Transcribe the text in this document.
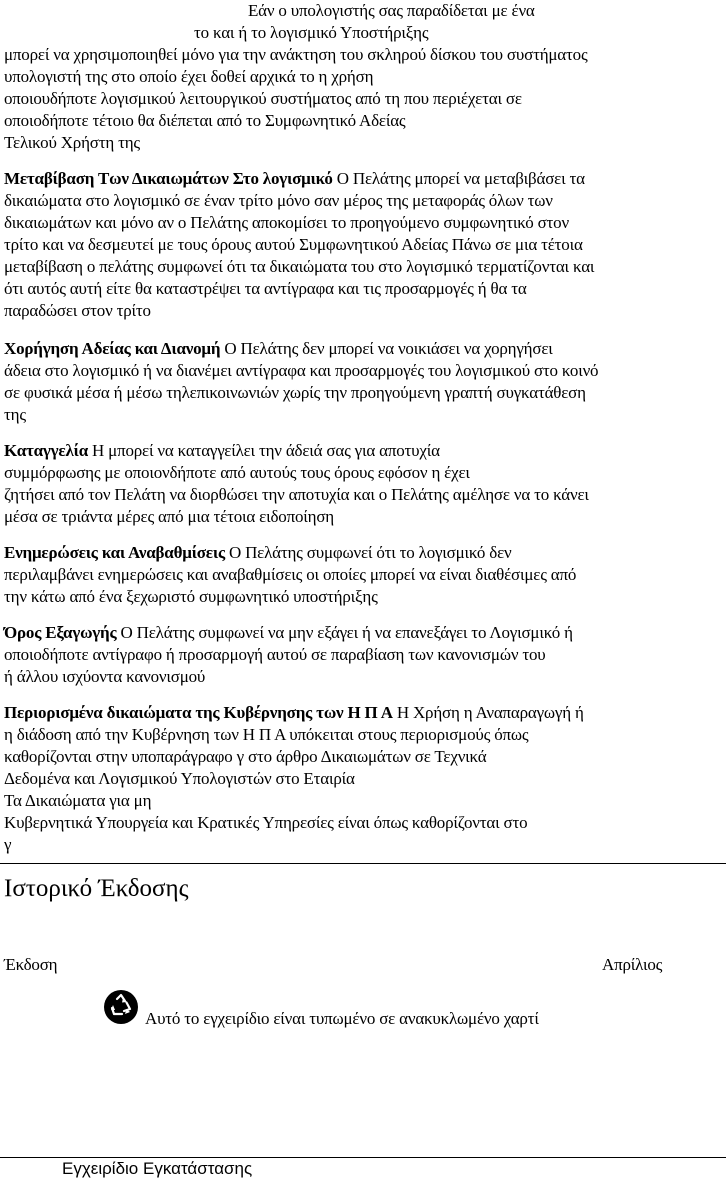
Εάν ο υπολογιστής σας παραδίδεται με ένα
το και ή το λογισμικό Υποστήριξης
μπορεί να χρησιμοποιηθεί μόνο για την ανάκτηση του σκληρού δίσκου του συστήματος
υπολογιστή της στο οποίο έχει δοθεί αρχικά το η χρήση
οποιουδήποτε λογισμικού λειτουργικού συστήματος από τη που περιέχεται σε
οποιοδήποτε τέτοιο θα διέπεται από το Συμφωνητικό Αδείας
Τελικού Χρήστη της
Μεταβίβαση Των Δικαιωμάτων Στο λογισμικό Ο Πελάτης μπορεί να μεταβιβάσει τα
δικαιώματα στο λογισμικό σε έναν τρίτο μόνο σαν μέρος της μεταφοράς όλων των
δικαιωμάτων και μόνο αν ο Πελάτης αποκομίσει το προηγούμενο συμφωνητικό στον
τρίτο και να δεσμευτεί με τους όρους αυτού Συμφωνητικού Αδείας Πάνω σε μια τέτοια
μεταβίβαση ο πελάτης συμφωνεί ότι τα δικαιώματα του στο λογισμικό τερματίζονται και
ότι αυτός αυτή είτε θα καταστρέψει τα αντίγραφα και τις προσαρμογές ή θα τα
παραδώσει στον τρίτο
Χορήγηση Αδείας και Διανομή Ο Πελάτης δεν μπορεί να νοικιάσει να χορηγήσει
άδεια στο λογισμικό ή να διανέμει αντίγραφα και προσαρμογές του λογισμικού στο κοινό
σε φυσικά μέσα ή μέσω τηλεπικοινωνιών χωρίς την προηγούμενη γραπτή συγκατάθεση
της
Καταγγελία Η μπορεί να καταγγείλει την άδειά σας για αποτυχία
συμμόρφωσης με οποιονδήποτε από αυτούς τους όρους εφόσον η έχει
ζητήσει από τον Πελάτη να διορθώσει την αποτυχία και ο Πελάτης αμέλησε να το κάνει
μέσα σε τριάντα μέρες από μια τέτοια ειδοποίηση
Ενημερώσεις και Αναβαθμίσεις Ο Πελάτης συμφωνεί ότι το λογισμικό δεν
περιλαμβάνει ενημερώσεις και αναβαθμίσεις οι οποίες μπορεί να είναι διαθέσιμες από
την κάτω από ένα ξεχωριστό συμφωνητικό υποστήριξης
Όρος Εξαγωγής Ο Πελάτης συμφωνεί να μην εξάγει ή να επανεξάγει το Λογισμικό ή
οποιοδήποτε αντίγραφο ή προσαρμογή αυτού σε παραβίαση των κανονισμών του
ή άλλου ισχύοντα κανονισμού
Περιορισμένα δικαιώματα της Κυβέρνησης των Η Π Α Η Χρήση η Αναπαραγωγή ή
η διάδοση από την Κυβέρνηση των Η Π Α υπόκειται στους περιορισμούς όπως
καθορίζονται στην υποπαράγραφο γ στο άρθρο Δικαιωμάτων σε Τεχνικά
Δεδομένα και Λογισμικού Υπολογιστών στο Εταιρία
Τα Δικαιώματα για μη
Κυβερνητικά Υπουργεία και Κρατικές Υπηρεσίες είναι όπως καθορίζονται στο
γ
Ιστορικό Έκδοσης
Έκδοση	Απρίλιος
Αυτό το εγχειρίδιο είναι τυπωμένο σε ανακυκλωμένο χαρτί
Εγχειρίδιο Εγκατάστασης
